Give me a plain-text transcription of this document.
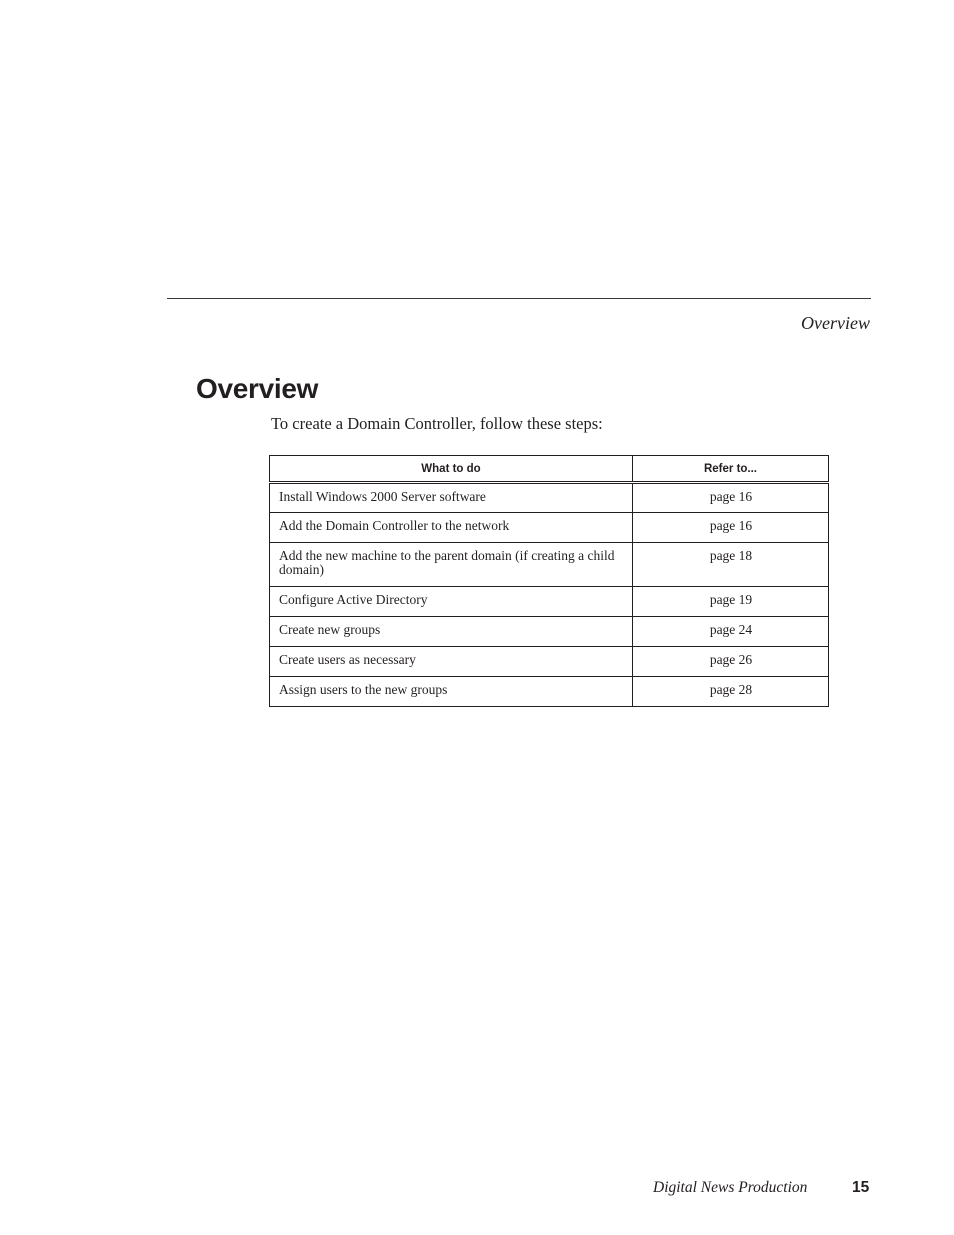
Overview
Overview
To create a Domain Controller, follow these steps:
What to do	Refer to...
Install Windows 2000 Server software	page 16
Add the Domain Controller to the network	page 16
Add the new machine to the parent domain (if creating a child domain)	page 18
Configure Active Directory	page 19
Create new groups	page 24
Create users as necessary	page 26
Assign users to the new groups	page 28
Digital News Production	15
